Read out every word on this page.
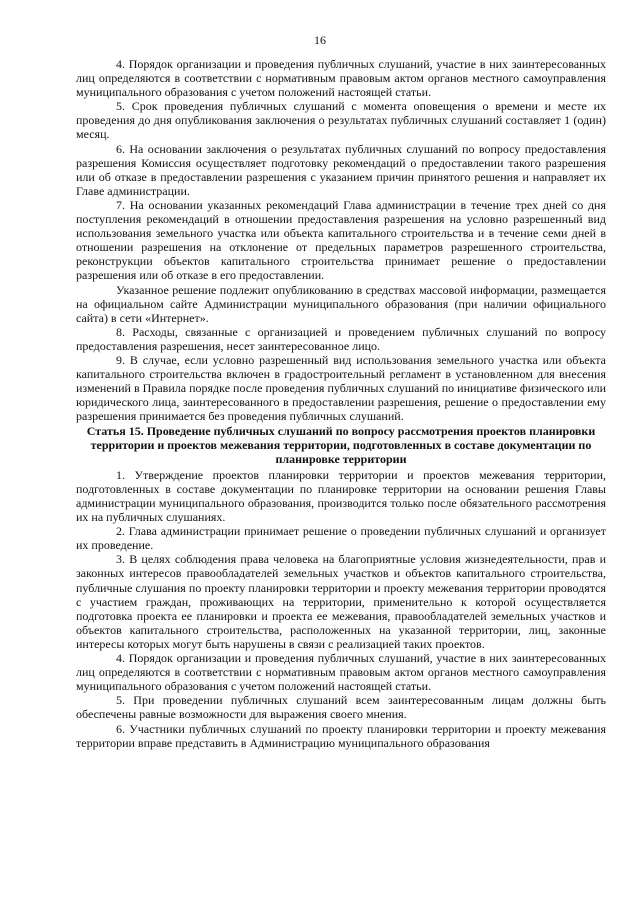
16

4. Порядок организации и проведения публичных слушаний, участие в них заинтересованных лиц определяются в соответствии с нормативным правовым актом органов местного самоуправления муниципального образования с учетом положений настоящей статьи.

5. Срок проведения публичных слушаний с момента оповещения о времени и месте их проведения до дня опубликования заключения о результатах публичных слушаний составляет 1 (один) месяц.

6. На основании заключения о результатах публичных слушаний по вопросу предоставления разрешения Комиссия осуществляет подготовку рекомендаций о предоставлении такого разрешения или об отказе в предоставлении разрешения с указанием причин принятого решения и направляет их Главе администрации.

7. На основании указанных рекомендаций Глава администрации в течение трех дней со дня поступления рекомендаций в отношении предоставления разрешения на условно разрешенный вид использования земельного участка или объекта капитального строительства и в течение семи дней в отношении разрешения на отклонение от предельных параметров разрешенного строительства, реконструкции объектов капитального строительства принимает решение о предоставлении разрешения или об отказе в его предоставлении.

Указанное решение подлежит опубликованию в средствах массовой информации, размещается на официальном сайте Администрации муниципального образования (при наличии официального сайта) в сети «Интернет».

8. Расходы, связанные с организацией и проведением публичных слушаний по вопросу предоставления разрешения, несет заинтересованное лицо.

9. В случае, если условно разрешенный вид использования земельного участка или объекта капитального строительства включен в градостроительный регламент в установленном для внесения изменений в Правила порядке после проведения публичных слушаний по инициативе физического или юридического лица, заинтересованного в предоставлении разрешения, решение о предоставлении ему разрешения принимается без проведения публичных слушаний.

Статья 15. Проведение публичных слушаний по вопросу рассмотрения проектов планировки территории и проектов межевания территории, подготовленных в составе документации по планировке территории

1. Утверждение проектов планировки территории и проектов межевания территории, подготовленных в составе документации по планировке территории на основании решения Главы администрации муниципального образования, производится только после обязательного рассмотрения их на публичных слушаниях.

2. Глава администрации принимает решение о проведении публичных слушаний и организует их проведение.

3. В целях соблюдения права человека на благоприятные условия жизнедеятельности, прав и законных интересов правообладателей земельных участков и объектов капитального строительства, публичные слушания по проекту планировки территории и проекту межевания территории проводятся с участием граждан, проживающих на территории, применительно к которой осуществляется подготовка проекта ее планировки и проекта ее межевания, правообладателей земельных участков и объектов капитального строительства, расположенных на указанной территории, лиц, законные интересы которых могут быть нарушены в связи с реализацией таких проектов.

4. Порядок организации и проведения публичных слушаний, участие в них заинтересованных лиц определяются в соответствии с нормативным правовым актом органов местного самоуправления муниципального образования с учетом положений настоящей статьи.

5. При проведении публичных слушаний всем заинтересованным лицам должны быть обеспечены равные возможности для выражения своего мнения.

6. Участники публичных слушаний по проекту планировки территории и проекту межевания территории вправе представить в Администрацию муниципального образования
